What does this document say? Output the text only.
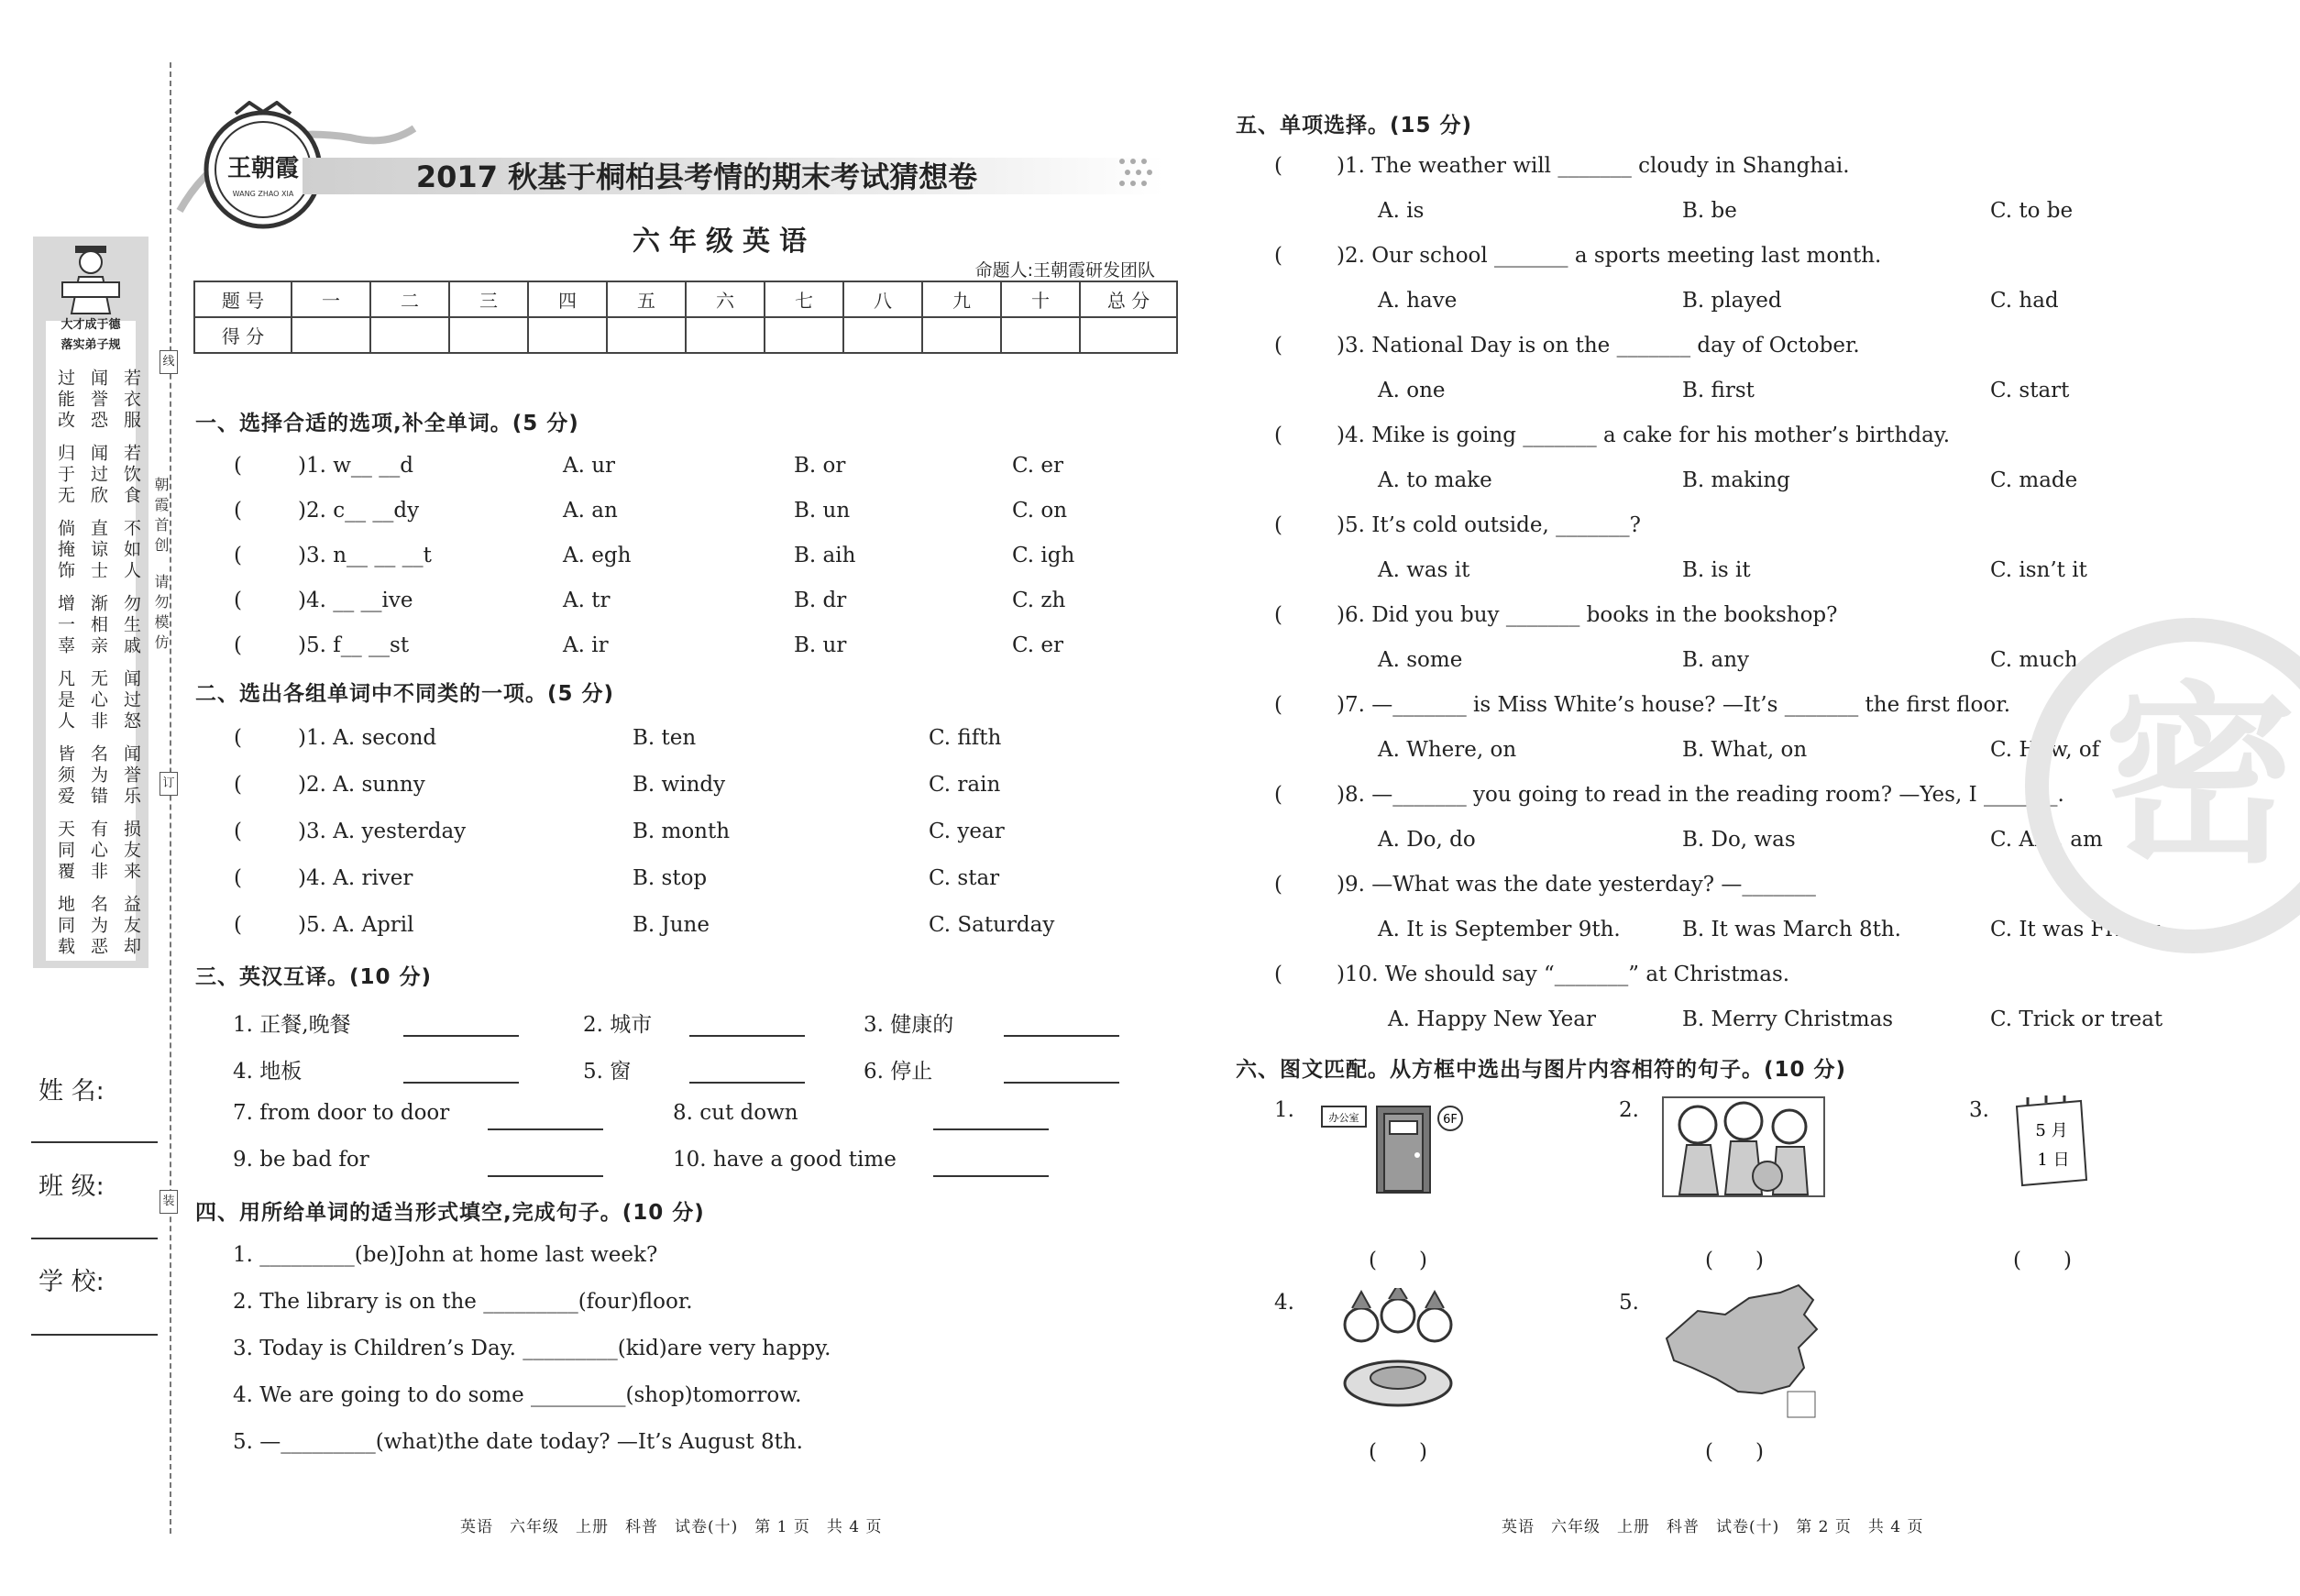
线
订
装
朝霞首创
请勿模仿
大才成于德
落实弟子规
过能改 闻誉恐 若衣服
归于无 闻过欣 若饮食
倘掩饰 直谅士 不如人
增一辜 渐相亲 勿生戚
凡是人 无心非 闻过怒
皆须爱 名为错 闻誉乐
天同覆 有心非 损友来
地同载 名为恶 益友却
姓 名:
班 级:
学 校:
王朝霞
WANG ZHAO XIA	2017 秋基于桐柏县考情的期末考试猜想卷
六年级英语
命题人:王朝霞研发团队
题 号	一	二	三	四	五	六	七	八	九	十	总 分
得 分											
一、选择合适的选项,补全单词。(5 分)
(	)1. w__ __d	A. ur	B. or	C. er
(	)2. c__ __dy	A. an	B. un	C. on
(	)3. n__ __ __t	A. egh	B. aih	C. igh
(	)4. __ __ive	A. tr	B. dr	C. zh
(	)5. f__ __st	A. ir	B. ur	C. er
二、选出各组单词中不同类的一项。(5 分)
(	)1. A. second	B. ten	C. fifth
(	)2. A. sunny	B. windy	C. rain
(	)3. A. yesterday	B. month	C. year
(	)4. A. river	B. stop	C. star
(	)5. A. April	B. June	C. Saturday
三、英汉互译。(10 分)
1. 正餐,晚餐	2. 城市	3. 健康的
4. 地板	5. 窗	6. 停止
7. from door to door	8. cut down
9. be bad for	10. have a good time
四、用所给单词的适当形式填空,完成句子。(10 分)
1. _________(be)John at home last week?
2. The library is on the _________(four)floor.
3. Today is Children’s Day. _________(kid)are very happy.
4. We are going to do some _________(shop)tomorrow.
5. —_________(what)the date today? —It’s August 8th.
五、单项选择。(15 分)
(	)1. The weather will _______ cloudy in Shanghai.
A. is	B. be	C. to be
(	)2. Our school _______ a sports meeting last month.
A. have	B. played	C. had
(	)3. National Day is on the _______ day of October.
A. one	B. first	C. start
(	)4. Mike is going _______ a cake for his mother’s birthday.
A. to make	B. making	C. made
(	)5. It’s cold outside, _______?
A. was it	B. is it	C. isn’t it
(	)6. Did you buy _______ books in the bookshop?
A. some	B. any	C. much
(	)7. —_______ is Miss White’s house? —It’s _______ the first floor.
A. Where, on	B. What, on	C. How, of
(	)8. —_______ you going to read in the reading room? —Yes, I _______.
A. Do, do	B. Do, was	C. Are, am
(	)9. —What was the date yesterday? —_______
A. It is September 9th.	B. It was March 8th.	C. It was Friday.
(	)10. We should say “_______” at Christmas.
A. Happy New Year	B. Merry Christmas	C. Trick or treat
密
六、图文匹配。从方框中选出与图片内容相符的句子。(10 分)
1.	2.	3.
4.	5.
办公室	6F
5 月
1 日
(　　)	(　　)	(　　)
(　　)	(　　)
英语　六年级　上册　科普　试卷(十)　第 1 页　共 4 页	英语　六年级　上册　科普　试卷(十)　第 2 页　共 4 页
